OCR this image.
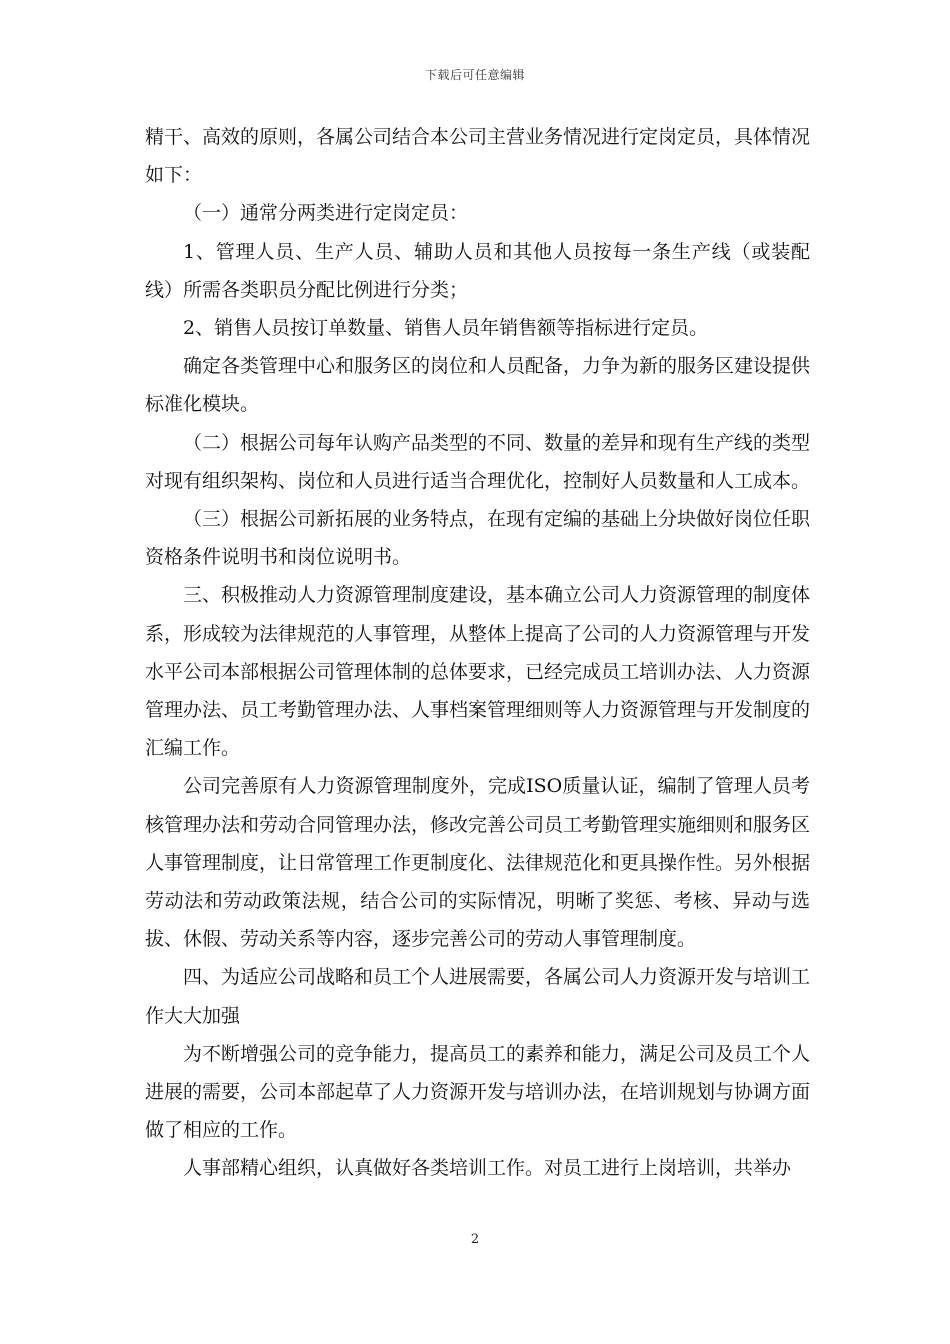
下载后可任意编辑

精干、高效的原则，各属公司结合本公司主营业务情况进行定岗定员，具体情况如下：

（一）通常分两类进行定岗定员：

1、管理人员、生产人员、辅助人员和其他人员按每一条生产线（或装配线）所需各类职员分配比例进行分类；

2、销售人员按订单数量、销售人员年销售额等指标进行定员。

确定各类管理中心和服务区的岗位和人员配备，力争为新的服务区建设提供标准化模块。

（二）根据公司每年认购产品类型的不同、数量的差异和现有生产线的类型对现有组织架构、岗位和人员进行适当合理优化，控制好人员数量和人工成本。

（三）根据公司新拓展的业务特点，在现有定编的基础上分块做好岗位任职资格条件说明书和岗位说明书。

三、积极推动人力资源管理制度建设，基本确立公司人力资源管理的制度体系，形成较为法律规范的人事管理，从整体上提高了公司的人力资源管理与开发水平公司本部根据公司管理体制的总体要求，已经完成员工培训办法、人力资源管理办法、员工考勤管理办法、人事档案管理细则等人力资源管理与开发制度的汇编工作。

公司完善原有人力资源管理制度外，完成ISO质量认证，编制了管理人员考核管理办法和劳动合同管理办法，修改完善公司员工考勤管理实施细则和服务区人事管理制度，让日常管理工作更制度化、法律规范化和更具操作性。另外根据劳动法和劳动政策法规，结合公司的实际情况，明晰了奖惩、考核、异动与选拔、休假、劳动关系等内容，逐步完善公司的劳动人事管理制度。

四、为适应公司战略和员工个人进展需要，各属公司人力资源开发与培训工作大大加强

为不断增强公司的竞争能力，提高员工的素养和能力，满足公司及员工个人进展的需要，公司本部起草了人力资源开发与培训办法，在培训规划与协调方面做了相应的工作。

人事部精心组织，认真做好各类培训工作。对员工进行上岗培训，共举办

2
